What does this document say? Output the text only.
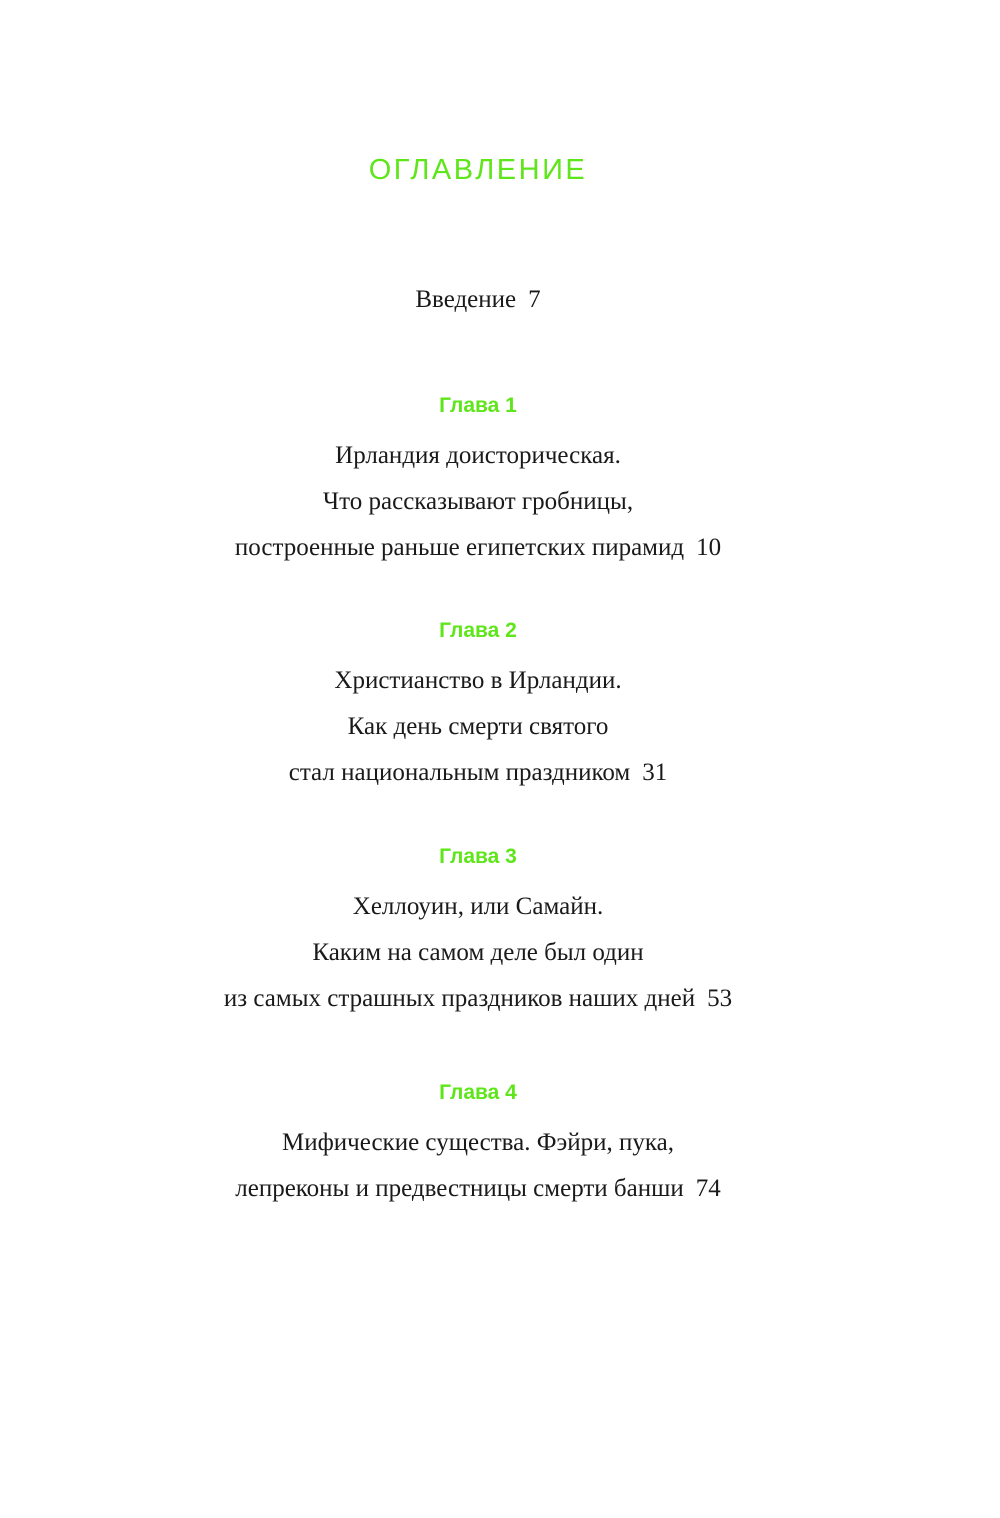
ОГЛАВЛЕНИЕ
Введение 7
Глава 1
Ирландия доисторическая.
Что рассказывают гробницы,
построенные раньше египетских пирамид 10
Глава 2
Христианство в Ирландии.
Как день смерти святого
стал национальным праздником 31
Глава 3
Хеллоуин, или Самайн.
Каким на самом деле был один
из самых страшных праздников наших дней 53
Глава 4
Мифические существа. Фэйри, пука,
лепреконы и предвестницы смерти банши 74
